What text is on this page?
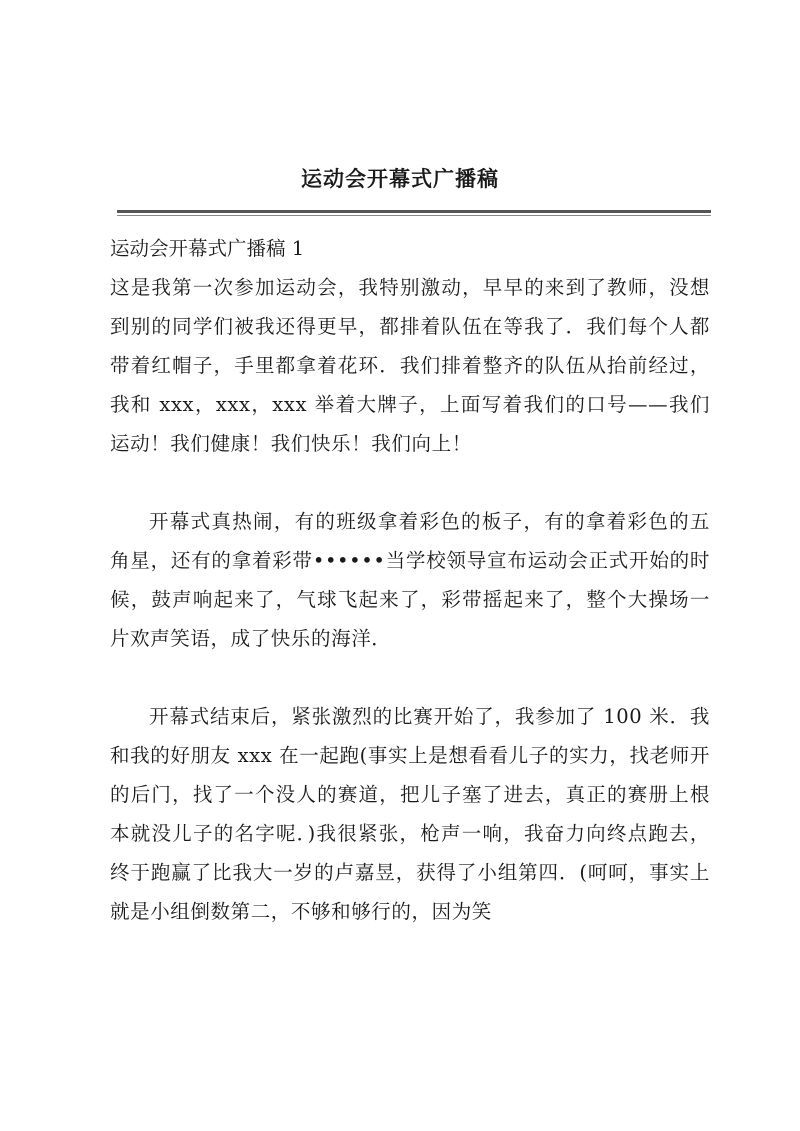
运动会开幕式广播稿
运动会开幕式广播稿 1

这是我第一次参加运动会，我特别激动，早早的来到了教师，没想到别的同学们被我还得更早，都排着队伍在等我了．我们每个人都带着红帽子，手里都拿着花环．我们排着整齐的队伍从抬前经过，我和 xxx，xxx，xxx 举着大牌子，上面写着我们的口号——我们运动！我们健康！我们快乐！我们向上！

开幕式真热闹，有的班级拿着彩色的板子，有的拿着彩色的五角星，还有的拿着彩带••••••当学校领导宣布运动会正式开始的时候，鼓声响起来了，气球飞起来了，彩带摇起来了，整个大操场一片欢声笑语，成了快乐的海洋．

开幕式结束后，紧张激烈的比赛开始了，我参加了 100 米．我和我的好朋友 xxx 在一起跑(事实上是想看看儿子的实力，找老师开的后门，找了一个没人的赛道，把儿子塞了进去，真正的赛册上根本就没儿子的名字呢．)我很紧张，枪声一响，我奋力向终点跑去，终于跑赢了比我大一岁的卢嘉昱，获得了小组第四．(呵呵，事实上就是小组倒数第二，不够和够行的，因为笑
